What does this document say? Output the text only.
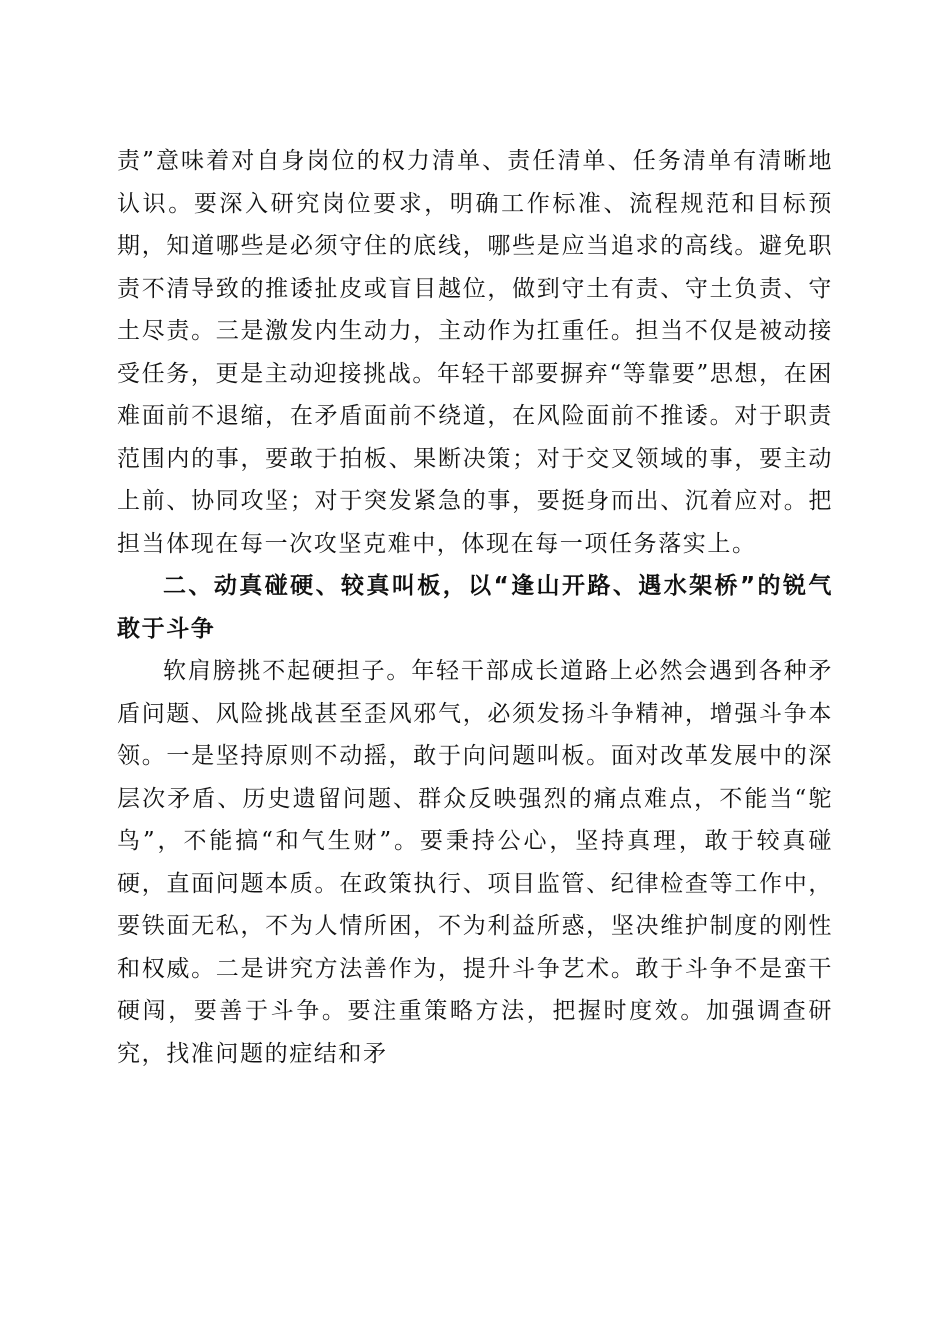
责”意味着对自身岗位的权力清单、责任清单、任务清单有清晰地认识。要深入研究岗位要求，明确工作标准、流程规范和目标预期，知道哪些是必须守住的底线，哪些是应当追求的高线。避免职责不清导致的推诿扯皮或盲目越位，做到守土有责、守土负责、守土尽责。三是激发内生动力，主动作为扛重任。担当不仅是被动接受任务，更是主动迎接挑战。年轻干部要摒弃“等靠要”思想，在困难面前不退缩，在矛盾面前不绕道，在风险面前不推诿。对于职责范围内的事，要敢于拍板、果断决策；对于交叉领域的事，要主动上前、协同攻坚；对于突发紧急的事，要挺身而出、沉着应对。把担当体现在每一次攻坚克难中，体现在每一项任务落实上。

二、动真碰硬、较真叫板，以“逢山开路、遇水架桥”的锐气敢于斗争

软肩膀挑不起硬担子。年轻干部成长道路上必然会遇到各种矛盾问题、风险挑战甚至歪风邪气，必须发扬斗争精神，增强斗争本领。一是坚持原则不动摇，敢于向问题叫板。面对改革发展中的深层次矛盾、历史遗留问题、群众反映强烈的痛点难点，不能当“鸵鸟”，不能搞“和气生财”。要秉持公心，坚持真理，敢于较真碰硬，直面问题本质。在政策执行、项目监管、纪律检查等工作中，要铁面无私，不为人情所困，不为利益所惑，坚决维护制度的刚性和权威。二是讲究方法善作为，提升斗争艺术。敢于斗争不是蛮干硬闯，要善于斗争。要注重策略方法，把握时度效。加强调查研究，找准问题的症结和矛
